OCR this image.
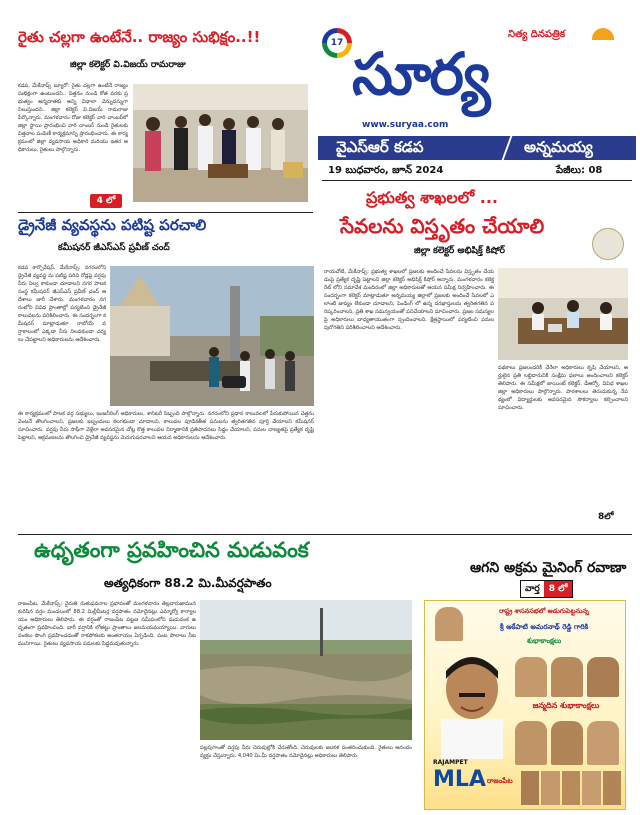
రైతు చల్లగా ఉంటేనే.. రాజ్యం సుభిక్షం..!!
జిల్లా కలెక్టర్ వి.విజయ్ రామరాజు
కడప, మేకేనాప్స్ బ్యూరో: రైతు చల్లగా ఉంటేనే రాజ్యం సుభిక్షంగా ఉంటుందని.. విత్తనం నుండి కోత వరకు ప్రభుత్వం అన్నదాతకు అన్ని విధాలా వెన్నుదన్నుగా నిలుస్తుందని.. జిల్లా కలెక్టర్ వి.విజయ్ రామరాజు పేర్కొన్నారు. మంగళవారం రోజు కలెక్టర్ వారి చాంబర్‌లో జిల్లా స్థాయి ప్రారంభించి వారి చాంబర్ నుండి రైతులకు విత్తనాల పంపిణీ కార్యక్రమాన్ని ప్రారంభించారు. ఈ కార్యక్రమంలో జిల్లా వ్యవసాయ అధికారి మరియు ఇతర అధికారులు, రైతులు పాల్గొన్నారు.
4 లో
డ్రైనేజీ వ్యవస్థను పటిష్ట పరచాలి
కమీషనర్ జీఎస్ఎస్ ప్రవీణ్ చంద్
కడప కార్పొరేషన్, మేకేనాప్స్: నగరంలోని డ్రైనేజీ వ్యవస్థ ను పటిష్ట పరిచి రోడ్లపై వర్షపు నీరు నిల్వ కాకుండా చూడాలని నగర పాలక సంస్థ కమీషనర్ జీఎస్ఎస్ ప్రవీణ్ చంద్ ఆదేశాలు జారీ చేశారు. మంగళవారం నగరంలోని వివిధ ప్రాంతాల్లో పర్యటించి డ్రైనేజీ కాలువలను పరిశీలించారు. ఈ సందర్భంగా కమీషనర్ మాట్లాడుతూ రాబోయే వర్షాకాలంలో ఎక్కడా నీరు నిలవకుండా చర్యలు చేపట్టాలని అధికారులను ఆదేశించారు.
ఈ కార్యక్రమంలో పాలక వర్గ సభ్యులు, ఇంజనీరింగ్ అధికారులు, శానిటరీ సిబ్బంది పాల్గొన్నారు. నగరంలోని ప్రధాన కాలువలలో పేరుకుపోయిన చెత్తను వెంటనే తొలగించాలని, ప్రజలకు ఇబ్బందులు కలగకుండా చూడాలని, కాలువల పూడికతీత పనులను త్వరితగతిన పూర్తి చేయాలని కమీషనర్ సూచించారు. వర్షపు నీరు సాఫీగా వెళ్లేలా అవసరమైన చోట్ల కొత్త కాలువల నిర్మాణానికి ప్రతిపాదనలు సిద్ధం చేయాలని, పనుల నాణ్యతపై ప్రత్యేక దృష్టి పెట్టాలని, ఆక్రమణలను తొలగించి డ్రైనేజీ వ్యవస్థను మెరుగుపరచాలని ఆయన అధికారులను ఆదేశించారు.
17
నిత్య దినపత్రిక
సూర్య
www.suryaa.com
వైఎస్ఆర్ కడప	అన్నమయ్య
19 బుధవారం, జూన్ 2024	పేజీలు: 08
ప్రభుత్వ శాఖలలో ...
సేవలను విస్తృతం చేయాలి
జిల్లా కలెక్టర్ అభిషిక్త్ కిషోర్
రాయచోటి, మేకేనాప్స్: ప్రభుత్వ శాఖలలో ప్రజలకు అందించే సేవలను విస్తృతం చేయడంపై ప్రత్యేక దృష్టి పెట్టాలని జిల్లా కలెక్టర్ అభిషిక్త్ కిషోర్ అన్నారు. మంగళవారం కలెక్టరేట్ లోని సమావేశ మందిరంలో జిల్లా అధికారులతో ఆయన సమీక్ష నిర్వహించారు. ఈ సందర్భంగా కలెక్టర్ మాట్లాడుతూ అన్నమయ్య జిల్లాలో ప్రజలకు అందించే సేవలలో ఎలాంటి జాప్యం లేకుండా చూడాలని, పెండింగ్ లో ఉన్న దరఖాస్తులను త్వరితగతిన పరిష్కరించాలని, ప్రతి శాఖ సమన్వయంతో పనిచేయాలని సూచించారు. ప్రజల సమస్యలపై అధికారులు బాధ్యతాయుతంగా స్పందించాలని, క్షేత్రస్థాయిలో పర్యటించి పనుల పురోగతిని పరిశీలించాలని ఆదేశించారు.
పథకాలు ప్రజలందరికీ చేరేలా అధికారులు కృషి చేయాలని, అర్హులైన ప్రతి లబ్ధిదారునికి సంక్షేమ ఫలాలు అందించాలని కలెక్టర్ తెలిపారు. ఈ సమీక్షలో జాయింట్ కలెక్టర్, డీఆర్వో, వివిధ శాఖల జిల్లా అధికారులు పాల్గొన్నారు. పాఠశాలలు తెరుచుకున్న నేపథ్యంలో విద్యార్థులకు అవసరమైన సౌకర్యాలు కల్పించాలని సూచించారు.
8లో
ఉధృతంగా ప్రవహించిన మడువంక
అత్యధికంగా 88.2 మి.మీవర్షపాతం
రాజంపేట, మేకేనాప్స్: నైరుతి రుతుపవనాల ప్రభావంతో మంగళవారం తెల్లవారుజామున కురిసిన వర్షం మండలంలో 88.2 మిల్లీమీటర్ల వర్షపాతం నమోదైనట్లు ఎమ్మార్వో కార్యాలయం అధికారులు తెలిపారు. ఈ వర్షంతో రాజంపేట పట్టణ సమీపంలోని మడువంక ఉధృతంగా ప్రవహించింది. భారీ వర్షానికి లోతట్టు ప్రాంతాలు జలమయమయ్యాయి. వాగులు వంకలు పొంగి ప్రవహించడంతో రాకపోకలకు అంతరాయం ఏర్పడింది. పంట పొలాలు నీట మునిగాయి. రైతులు వ్యవసాయ పనులకు సిద్ధమవుతున్నారు.
పల్లపుగాంతో వర్షపు నీరు చెరువుల్లోకి చేరుతోంది. చెరువులకు జలకళ సంతరించుకుంది. రైతులు ఆనందం వ్యక్తం చేస్తున్నారు. 4,040 మి.మీ వర్షపాతం నమోదైనట్లు అధికారులు తెలిపారు.
ఆగని అక్రమ మైనింగ్ రవాణా
వార్త	8 లో
రాష్ట్ర శాసనసభలో అడుగుపెట్టనున్న
శ్రీ అకేపాటి అమరనాథ్ రెడ్డి గారికి
శుభాకాంక్షలు
జన్మదిన శుభాకాంక్షలు
MLA
RAJAMPET
రాజంపేట
